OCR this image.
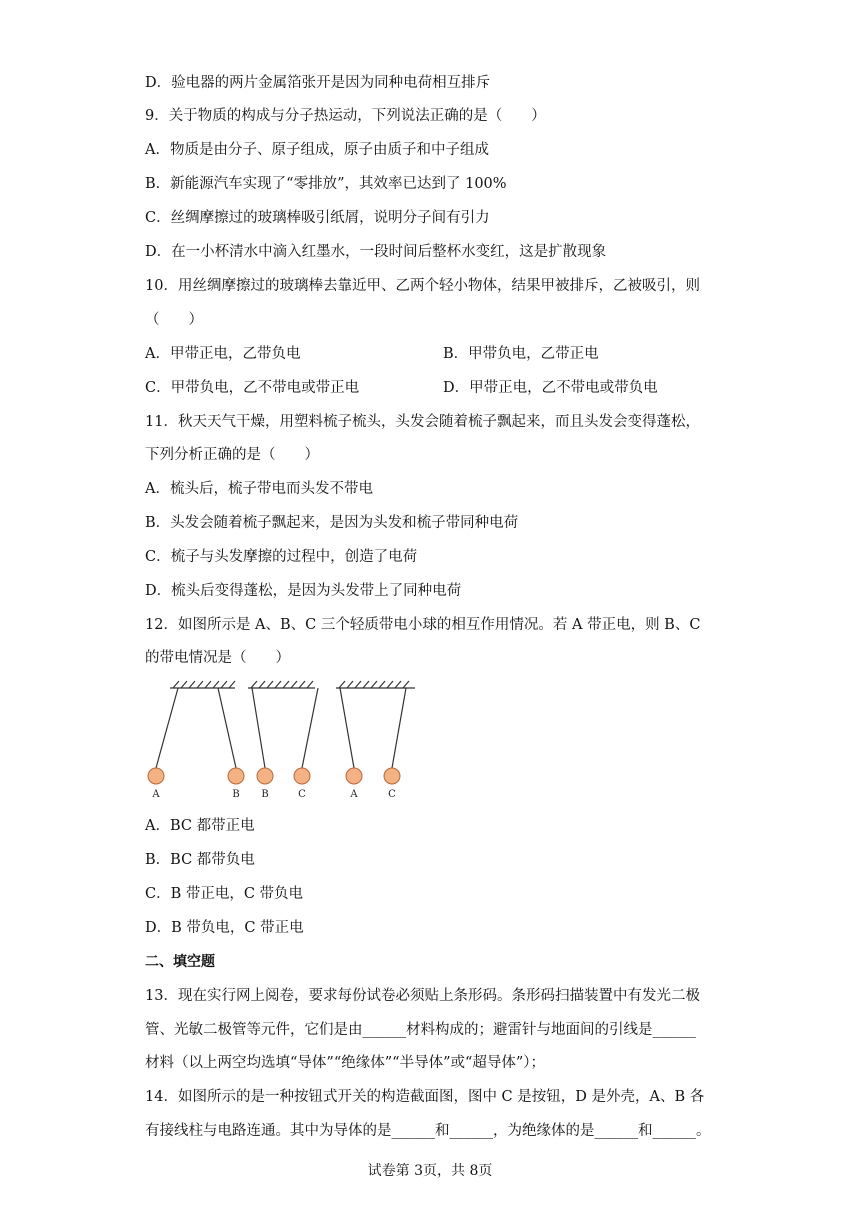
D．验电器的两片金属箔张开是因为同种电荷相互排斥
9．关于物质的构成与分子热运动，下列说法正确的是（　　）
A．物质是由分子、原子组成，原子由质子和中子组成
B．新能源汽车实现了“零排放”，其效率已达到了 100%
C．丝绸摩擦过的玻璃棒吸引纸屑，说明分子间有引力
D．在一小杯清水中滴入红墨水，一段时间后整杯水变红，这是扩散现象
10．用丝绸摩擦过的玻璃棒去靠近甲、乙两个轻小物体，结果甲被排斥，乙被吸引，则
（　　）
A．甲带正电，乙带负电	B．甲带负电，乙带正电
C．甲带负电，乙不带电或带正电	D．甲带正电，乙不带电或带负电
11．秋天天气干燥，用塑料梳子梳头，头发会随着梳子飘起来，而且头发会变得蓬松，
下列分析正确的是（　　）
A．梳头后，梳子带电而头发不带电
B．头发会随着梳子飘起来，是因为头发和梳子带同种电荷
C．梳子与头发摩擦的过程中，创造了电荷
D．梳头后变得蓬松，是因为头发带上了同种电荷
12．如图所示是 A、B、C 三个轻质带电小球的相互作用情况。若 A 带正电，则 B、C
的带电情况是（　　）
A	B B	C	A	C
A．BC 都带正电
B．BC 都带负电
C．B 带正电，C 带负电
D．B 带负电，C 带正电
二、填空题
13．现在实行网上阅卷，要求每份试卷必须贴上条形码。条形码扫描装置中有发光二极
管、光敏二极管等元件，它们是由______材料构成的；避雷针与地面间的引线是______
材料（以上两空均选填“导体”“绝缘体”“半导体”或“超导体”）；
14．如图所示的是一种按钮式开关的构造截面图，图中 C 是按钮，D 是外壳，A、B 各
有接线柱与电路连通。其中为导体的是______和______，为绝缘体的是______和______。
试卷第 3页，共 8页
